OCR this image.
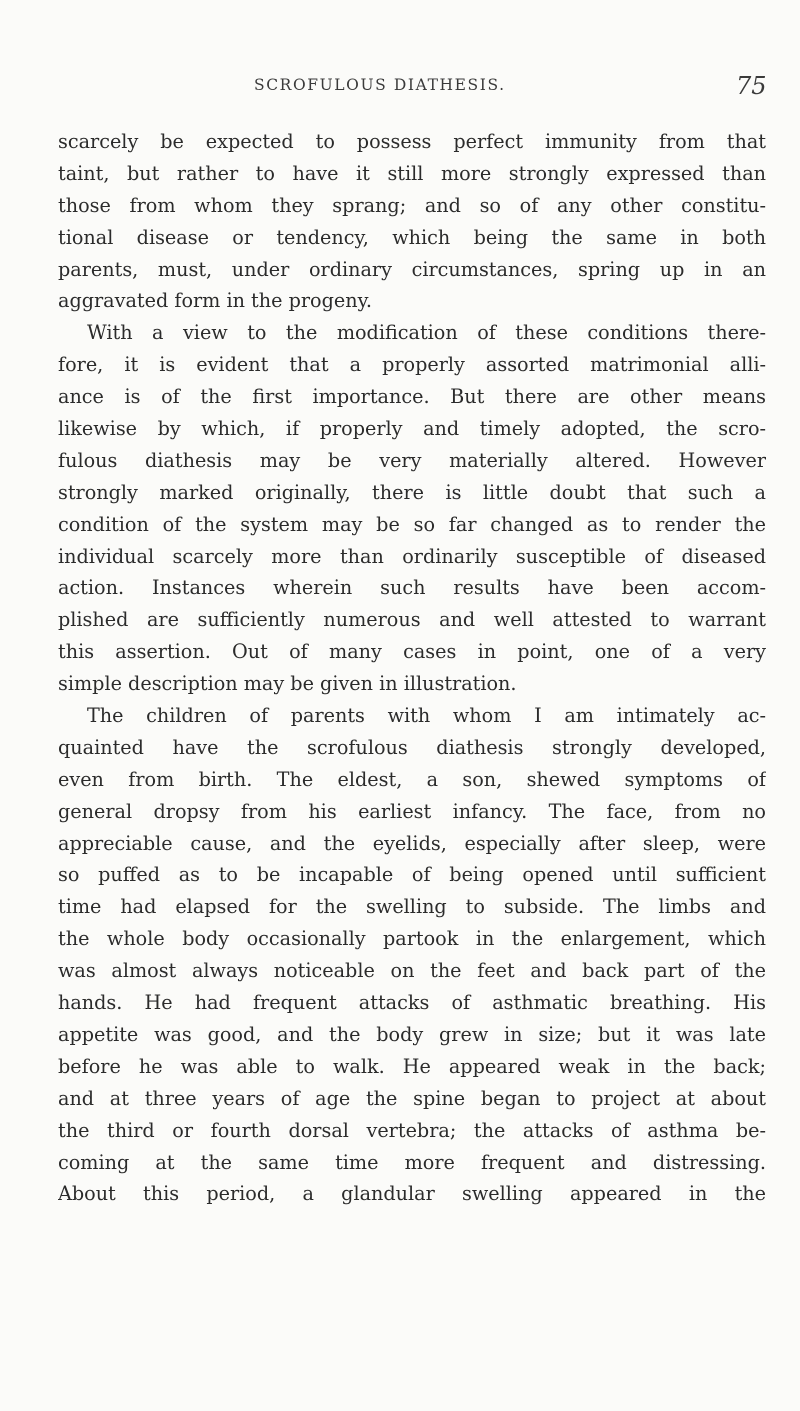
SCROFULOUS DIATHESIS.	75
scarcely be expected to possess perfect immunity from that
taint, but rather to have it still more strongly expressed than
those from whom they sprang; and so of any other constitu-
tional disease or tendency, which being the same in both
parents, must, under ordinary circumstances, spring up in an
aggravated form in the progeny.
With a view to the modification of these conditions there-
fore, it is evident that a properly assorted matrimonial alli-
ance is of the first importance. But there are other means
likewise by which, if properly and timely adopted, the scro-
fulous diathesis may be very materially altered. However
strongly marked originally, there is little doubt that such a
condition of the system may be so far changed as to render the
individual scarcely more than ordinarily susceptible of diseased
action. Instances wherein such results have been accom-
plished are sufficiently numerous and well attested to warrant
this assertion. Out of many cases in point, one of a very
simple description may be given in illustration.
The children of parents with whom I am intimately ac-
quainted have the scrofulous diathesis strongly developed,
even from birth. The eldest, a son, shewed symptoms of
general dropsy from his earliest infancy. The face, from no
appreciable cause, and the eyelids, especially after sleep, were
so puffed as to be incapable of being opened until sufficient
time had elapsed for the swelling to subside. The limbs and
the whole body occasionally partook in the enlargement, which
was almost always noticeable on the feet and back part of the
hands. He had frequent attacks of asthmatic breathing. His
appetite was good, and the body grew in size; but it was late
before he was able to walk. He appeared weak in the back;
and at three years of age the spine began to project at about
the third or fourth dorsal vertebra; the attacks of asthma be-
coming at the same time more frequent and distressing.
About this period, a glandular swelling appeared in the
